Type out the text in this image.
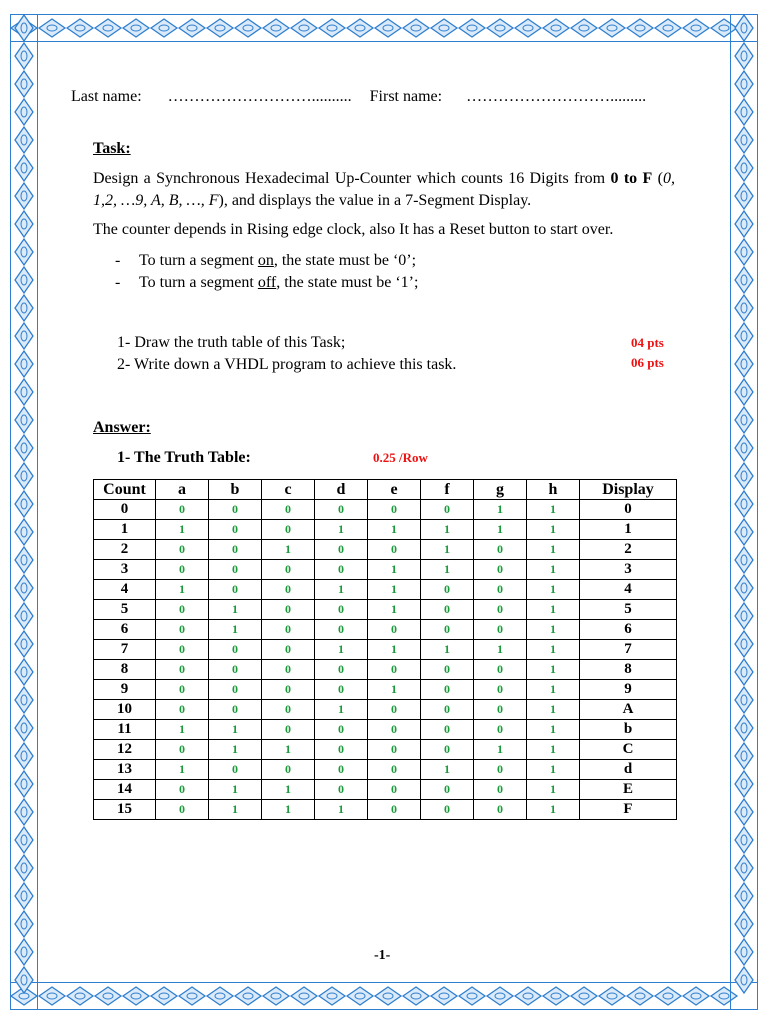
Last name: ……………………….......... First name: ……………………….........
Task:
Design a Synchronous Hexadecimal Up-Counter which counts 16 Digits from 0 to F (0, 1,2, …9, A, B, …, F), and displays the value in a 7-Segment Display.
The counter depends in Rising edge clock, also It has a Reset button to start over.
- To turn a segment on, the state must be ‘0’;
- To turn a segment off, the state must be ‘1’;
1- Draw the truth table of this Task;	04 pts
2- Write down a VHDL program to achieve this task.	06 pts
Answer:
1- The Truth Table:	0.25 /Row
Count	a	b	c	d	e	f	g	h	Display
0	0	0	0	0	0	0	1	1	0
1	1	0	0	1	1	1	1	1	1
2	0	0	1	0	0	1	0	1	2
3	0	0	0	0	1	1	0	1	3
4	1	0	0	1	1	0	0	1	4
5	0	1	0	0	1	0	0	1	5
6	0	1	0	0	0	0	0	1	6
7	0	0	0	1	1	1	1	1	7
8	0	0	0	0	0	0	0	1	8
9	0	0	0	0	1	0	0	1	9
10	0	0	0	1	0	0	0	1	A
11	1	1	0	0	0	0	0	1	b
12	0	1	1	0	0	0	1	1	C
13	1	0	0	0	0	1	0	1	d
14	0	1	1	0	0	0	0	1	E
15	0	1	1	1	0	0	0	1	F
-1-
